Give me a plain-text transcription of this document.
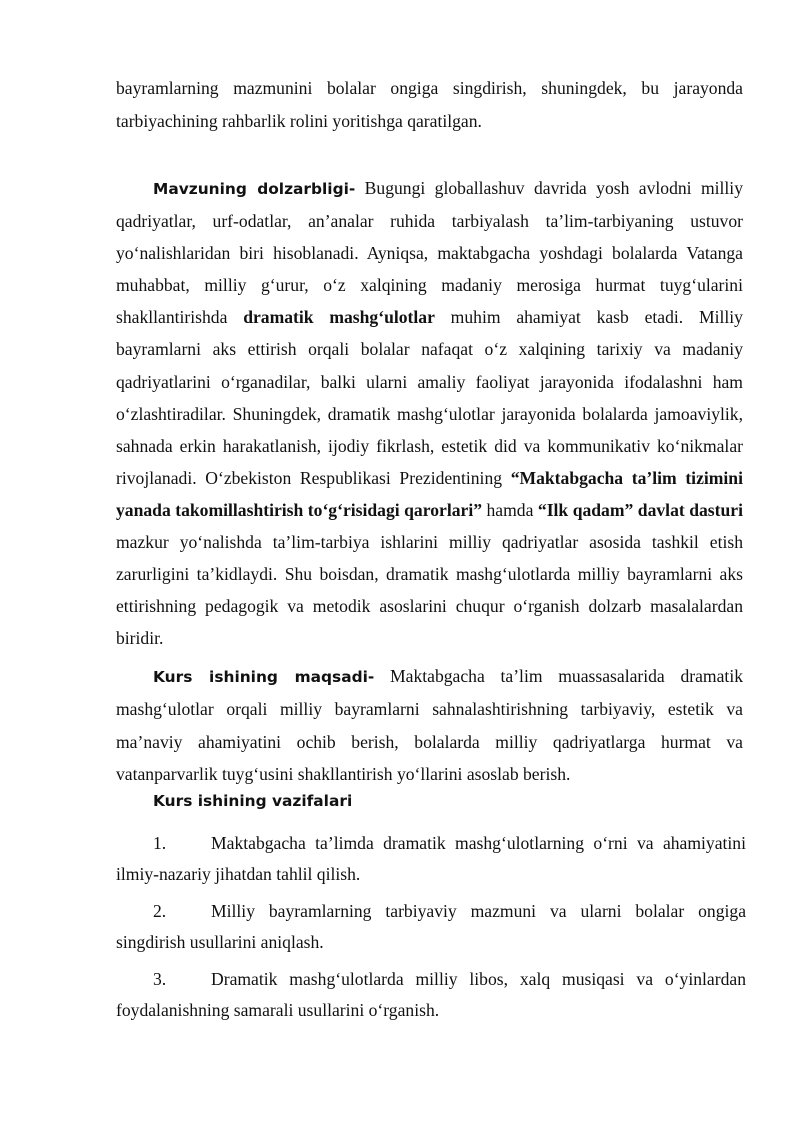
bayramlarning mazmunini bolalar ongiga singdirish, shuningdek, bu jarayonda tarbiyachining rahbarlik rolini yoritishga qaratilgan.

Mavzuning dolzarbligi- Bugungi globallashuv davrida yosh avlodni milliy qadriyatlar, urf-odatlar, an’analar ruhida tarbiyalash ta’lim-tarbiyaning ustuvor yo‘nalishlaridan biri hisoblanadi. Ayniqsa, maktabgacha yoshdagi bolalarda Vatanga muhabbat, milliy g‘urur, o‘z xalqining madaniy merosiga hurmat tuyg‘ularini shakllantirishda dramatik mashg‘ulotlar muhim ahamiyat kasb etadi. Milliy bayramlarni aks ettirish orqali bolalar nafaqat o‘z xalqining tarixiy va madaniy qadriyatlarini o‘rganadilar, balki ularni amaliy faoliyat jarayonida ifodalashni ham o‘zlashtiradilar. Shuningdek, dramatik mashg‘ulotlar jarayonida bolalarda jamoaviylik, sahnada erkin harakatlanish, ijodiy fikrlash, estetik did va kommunikativ ko‘nikmalar rivojlanadi. O‘zbekiston Respublikasi Prezidentining “Maktabgacha ta’lim tizimini yanada takomillashtirish to‘g‘risidagi qarorlari” hamda “Ilk qadam” davlat dasturi mazkur yo‘nalishda ta’lim-tarbiya ishlarini milliy qadriyatlar asosida tashkil etish zarurligini ta’kidlaydi. Shu boisdan, dramatik mashg‘ulotlarda milliy bayramlarni aks ettirishning pedagogik va metodik asoslarini chuqur o‘rganish dolzarb masalalardan biridir.

Kurs ishining maqsadi- Maktabgacha ta’lim muassasalarida dramatik mashg‘ulotlar orqali milliy bayramlarni sahnalashtirishning tarbiyaviy, estetik va ma’naviy ahamiyatini ochib berish, bolalarda milliy qadriyatlarga hurmat va vatanparvarlik tuyg‘usini shakllantirish yo‘llarini asoslab berish.

Kurs ishining vazifalari

1.	Maktabgacha ta’limda dramatik mashg‘ulotlarning o‘rni va ahamiyatini ilmiy-nazariy jihatdan tahlil qilish.

2.	Milliy bayramlarning tarbiyaviy mazmuni va ularni bolalar ongiga singdirish usullarini aniqlash.

3.	Dramatik mashg‘ulotlarda milliy libos, xalq musiqasi va o‘yinlardan foydalanishning samarali usullarini o‘rganish.
